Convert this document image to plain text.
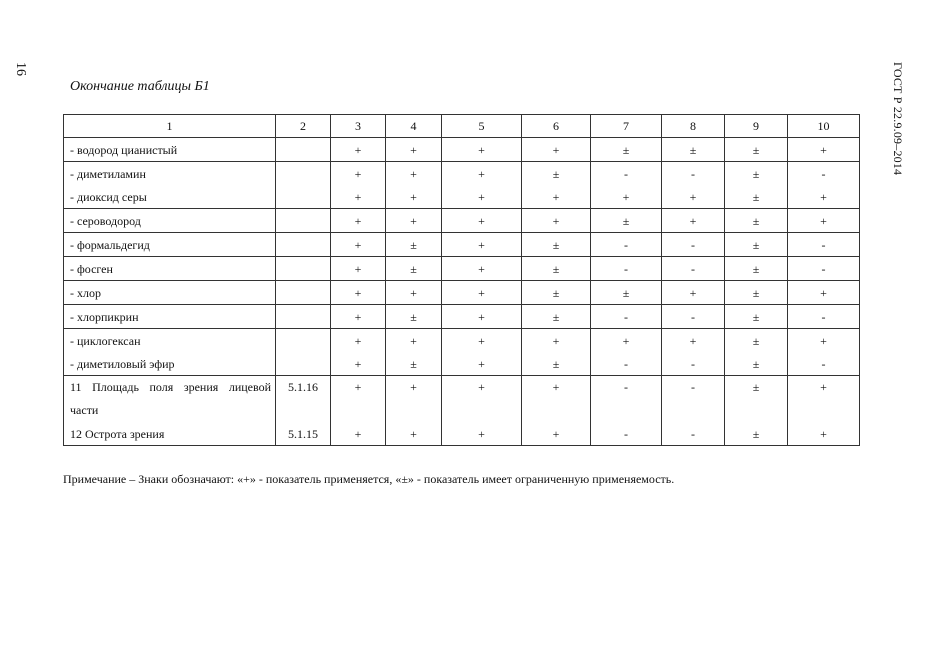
16	ГОСТ Р 22.9.09–2014
Окончание таблицы Б1
1	2	3	4	5	6	7	8	9	10
- водород цианистый		+	+	+	+	±	±	±	+
- диметиламин		+	+	+	±	-	-	±	-
- диоксид серы		+	+	+	+	+	+	±	+
- сероводород		+	+	+	+	±	+	±	+
- формальдегид		+	±	+	±	-	-	±	-
- фосген		+	±	+	±	-	-	±	-
- хлор		+	+	+	±	±	+	±	+
- хлорпикрин		+	±	+	±	-	-	±	-
- циклогексан		+	+	+	+	+	+	±	+
- диметиловый эфир		+	±	+	±	-	-	±	-
11 Площадь поля зрения лицевой части	5.1.16	+	+	+	+	-	-	±	+
12 Острота зрения	5.1.15	+	+	+	+	-	-	±	+
Примечание – Знаки обозначают: «+» - показатель применяется, «±» - показатель имеет ограниченную применяемость.
